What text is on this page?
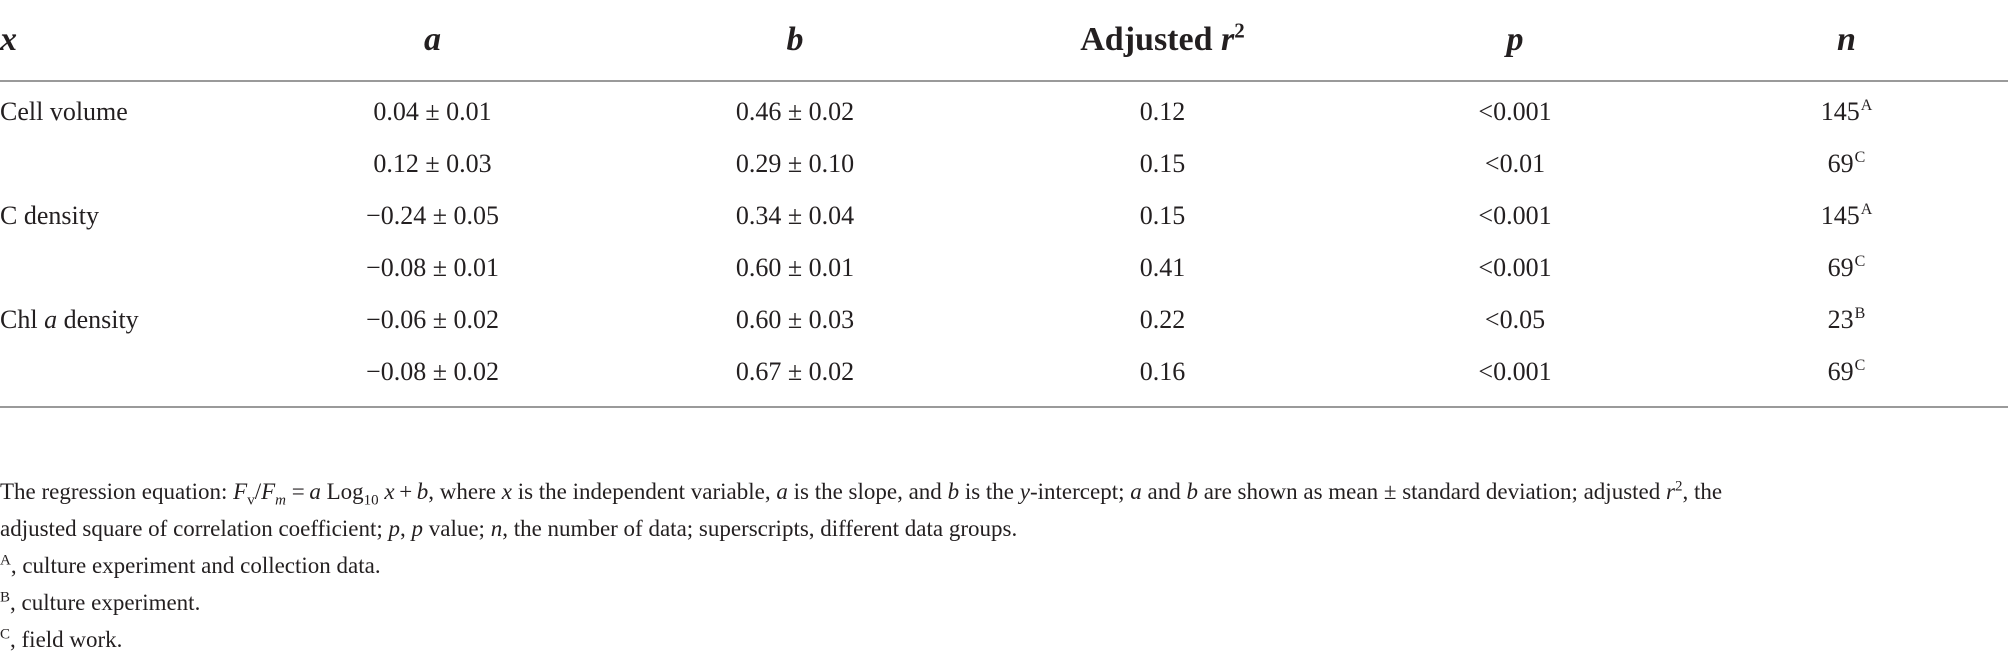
x	a	b	Adjusted $r^2$	p	n
Cell volume	0.04 ± 0.01	0.46 ± 0.02	0.12	<0.001	$145^A$
	0.12 ± 0.03	0.29 ± 0.10	0.15	<0.01	$69^C$
C density	−0.24 ± 0.05	0.34 ± 0.04	0.15	<0.001	$145^A$
	−0.08 ± 0.01	0.60 ± 0.01	0.41	<0.001	$69^C$
Chl a density	−0.06 ± 0.02	0.60 ± 0.03	0.22	<0.05	$23^B$
	−0.08 ± 0.02	0.67 ± 0.02	0.16	<0.001	$69^C$
The regression equation: $F_v/F_m = a$ Log$_{10}$ x + b, where x is the independent variable, a is the slope, and b is the y-intercept; a and b are shown as mean ± standard deviation; adjusted $r^2$, the
adjusted square of correlation coefficient; p, p value; n, the number of data; superscripts, different data groups.
$^A$, culture experiment and collection data.
$^B$, culture experiment.
$^C$, field work.
